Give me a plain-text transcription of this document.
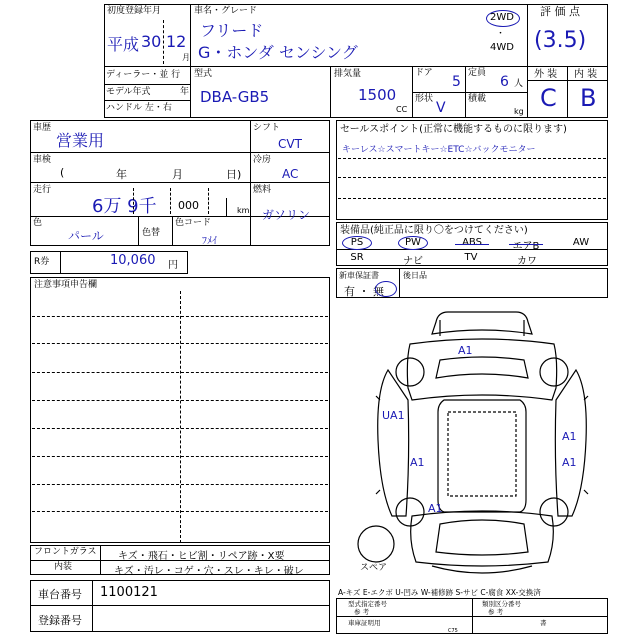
初度登録年月
平成 30 12
月
車名・グレード
フリード
G・ホンダ センシング
2WD
・
4WD
評 価 点
(3.5)
ディーラー・並 行
モデル年式	年
ハンドル 左・右
型式
DBA-GB5
排気量
1500
CC
ドア
5
定員
6 人
形状
V
積載
kg
外 装 内 装
C B
車歴
営業用
車検
(	年	月	日)
走行
6万 9千 000	km
色
パール	色替
色コード
ﾌﾒｲ
シフト
CVT
冷房
AC
燃料
ガソリン
R券	10,060 円
セールスポイント(正常に機能するものに限ります)
キーレス☆スマートキー☆ETC☆バックモニター
装備品(純正品に限り〇をつけてください)
PS	PW	ABS	エアB	AW
SR	ナビ	TV	カワ
新車保証書
有 ・ 無
後日品
注意事項申告欄
フロントガラス キズ・飛石・ヒビ割・リペア跡・X要
内装	キズ・汚レ・コゲ・穴・スレ・キレ・破レ
車台番号 1100121
登録番号
A1
UA1
A1
A1	A1
A1
スペア
A-キズ E-エクボ U-凹み W-補修跡 S-サビ C-腐食 XX-交換済
型式指定番号
参 考
類別区分番号
参 考
車庫証明用	書
C75
